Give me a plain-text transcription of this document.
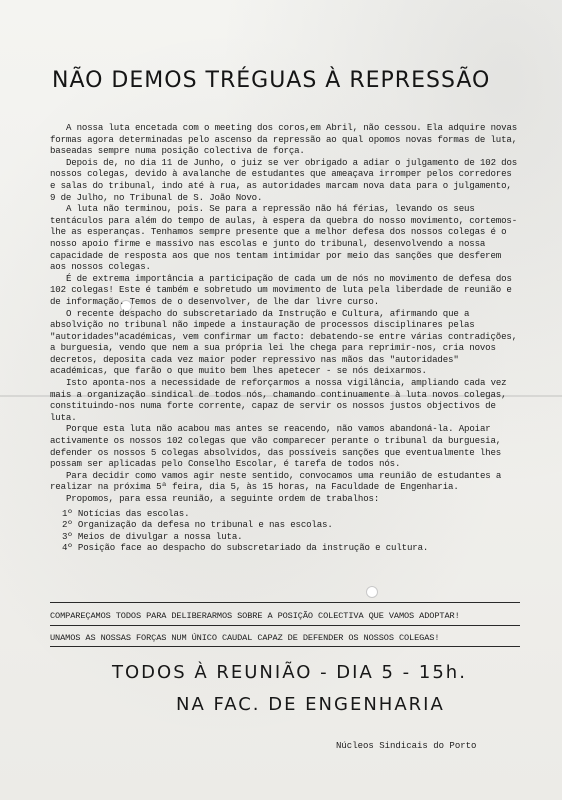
NÃO DEMOS TRÉGUAS À REPRESSÃO

A nossa luta encetada com o meeting dos coros,em Abril, não cessou. Ela adquire novas formas agora determinadas pelo ascenso da repressão ao qual opomos novas formas de luta, baseadas sempre numa posição colectiva de força.

Depois de, no dia 11 de Junho, o juiz se ver obrigado a adiar o julgamento de 102 dos nossos colegas, devido à avalanche de estudantes que ameaçava irromper pelos corredores e salas do tribunal, indo até à rua, as autoridades marcam nova data para o julgamento, 9 de Julho, no Tribunal de S. João Novo.

A luta não terminou, pois. Se para a repressão não há férias, levando os seus tentáculos para além do tempo de aulas, à espera da quebra do nosso movimento, cortemos-lhe as esperanças. Tenhamos sempre presente que a melhor defesa dos nossos colegas é o nosso apoio firme e massivo nas escolas e junto do tribunal, desenvolvendo a nossa capacidade de resposta aos que nos tentam intimidar por meio das sanções que desferem aos nossos colegas.

É de extrema importância a participação de cada um de nós no movimento de defesa dos 102 colegas! Este é também e sobretudo um movimento de luta pela liberdade de reunião e de informação. Temos de o desenvolver, de lhe dar livre curso.

O recente despacho do subscretariado da Instrução e Cultura, afirmando que a absolvição no tribunal não impede a instauração de processos disciplinares pelas "autoridades"académicas, vem confirmar um facto: debatendo-se entre várias contradições, a burguesia, vendo que nem a sua própria lei lhe chega para reprimir-nos, cria novos decretos, deposita cada vez maior poder repressivo nas mãos das "autoridades" académicas, que farão o que muito bem lhes apetecer - se nós deixarmos.

Isto aponta-nos a necessidade de reforçarmos a nossa vigilância, ampliando cada vez mais a organização sindical de todos nós, chamando continuamente à luta novos colegas, constituindo-nos numa forte corrente, capaz de servir os nossos justos objectivos de luta.

Porque esta luta não acabou mas antes se reacendo, não vamos abandoná-la. Apoiar activamente os nossos 102 colegas que vão comparecer perante o tribunal da burguesia, defender os nossos 5 colegas absolvidos, das possíveis sanções que eventualmente lhes possam ser aplicadas pelo Conselho Escolar, é tarefa de todos nós.

Para decidir como vamos agir neste sentido, convocamos uma reunião de estudantes a realizar na próxima 5ª feira, dia 5, às 15 horas, na Faculdade de Engenharia.

Propomos, para essa reunião, a seguinte ordem de trabalhos:

1º Notícias das escolas.
2º Organização da defesa no tribunal e nas escolas.
3º Meios de divulgar a nossa luta.
4º Posição face ao despacho do subscretariado da instrução e cultura.
COMPAREÇAMOS TODOS PARA DELIBERARMOS SOBRE A POSIÇÃO COLECTIVA QUE VAMOS ADOPTAR!
UNAMOS AS NOSSAS FORÇAS NUM ÚNICO CAUDAL CAPAZ DE DEFENDER OS NOSSOS COLEGAS!
TODOS À REUNIÃO - DIA 5 - 15h.
NA FAC. DE ENGENHARIA
Núcleos Sindicais do Porto
